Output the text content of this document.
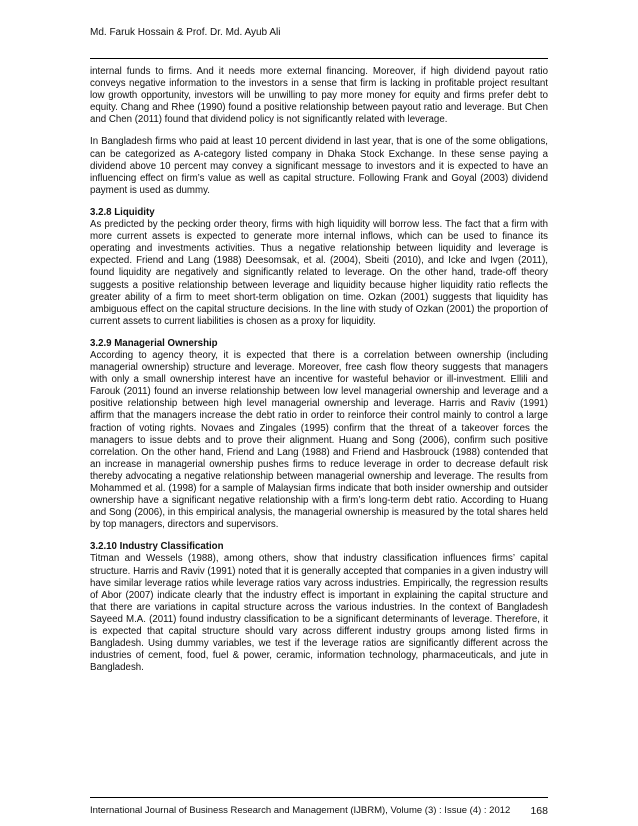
Md. Faruk Hossain & Prof. Dr. Md. Ayub Ali

internal funds to firms. And it needs more external financing. Moreover, if high dividend payout ratio conveys negative information to the investors in a sense that firm is lacking in profitable project resultant low growth opportunity, investors will be unwilling to pay more money for equity and firms prefer debt to equity. Chang and Rhee (1990) found a positive relationship between payout ratio and leverage. But Chen and Chen (2011) found that dividend policy is not significantly related with leverage.

In Bangladesh firms who paid at least 10 percent dividend in last year, that is one of the some obligations, can be categorized as A-category listed company in Dhaka Stock Exchange. In these sense paying a dividend above 10 percent may convey a significant message to investors and it is expected to have an influencing effect on firm’s value as well as capital structure. Following Frank and Goyal (2003) dividend payment is used as dummy.

3.2.8 Liquidity

As predicted by the pecking order theory, firms with high liquidity will borrow less. The fact that a firm with more current assets is expected to generate more internal inflows, which can be used to finance its operating and investments activities. Thus a negative relationship between liquidity and leverage is expected. Friend and Lang (1988) Deesomsak, et al. (2004), Sbeiti (2010), and Icke and Ivgen (2011), found liquidity are negatively and significantly related to leverage. On the other hand, trade-off theory suggests a positive relationship between leverage and liquidity because higher liquidity ratio reflects the greater ability of a firm to meet short-term obligation on time. Ozkan (2001) suggests that liquidity has ambiguous effect on the capital structure decisions. In the line with study of Ozkan (2001) the proportion of current assets to current liabilities is chosen as a proxy for liquidity.

3.2.9 Managerial Ownership

According to agency theory, it is expected that there is a correlation between ownership (including managerial ownership) structure and leverage. Moreover, free cash flow theory suggests that managers with only a small ownership interest have an incentive for wasteful behavior or ill-investment. Ellili and Farouk (2011) found an inverse relationship between low level managerial ownership and leverage and a positive relationship between high level managerial ownership and leverage. Harris and Raviv (1991) affirm that the managers increase the debt ratio in order to reinforce their control mainly to control a large fraction of voting rights. Novaes and Zingales (1995) confirm that the threat of a takeover forces the managers to issue debts and to prove their alignment. Huang and Song (2006), confirm such positive correlation. On the other hand, Friend and Lang (1988) and Friend and Hasbrouck (1988) contended that an increase in managerial ownership pushes firms to reduce leverage in order to decrease default risk thereby advocating a negative relationship between managerial ownership and leverage. The results from Mohammed et al. (1998) for a sample of Malaysian firms indicate that both insider ownership and outsider ownership have a significant negative relationship with a firm’s long-term debt ratio. According to Huang and Song (2006), in this empirical analysis, the managerial ownership is measured by the total shares held by top managers, directors and supervisors.

3.2.10 Industry Classification

Titman and Wessels (1988), among others, show that industry classification influences firms’ capital structure. Harris and Raviv (1991) noted that it is generally accepted that companies in a given industry will have similar leverage ratios while leverage ratios vary across industries. Empirically, the regression results of Abor (2007) indicate clearly that the industry effect is important in explaining the capital structure and that there are variations in capital structure across the various industries. In the context of Bangladesh Sayeed M.A. (2011) found industry classification to be a significant determinants of leverage. Therefore, it is expected that capital structure should vary across different industry groups among listed firms in Bangladesh. Using dummy variables, we test if the leverage ratios are significantly different across the industries of cement, food, fuel & power, ceramic, information technology, pharmaceuticals, and jute in Bangladesh.

International Journal of Business Research and Management (IJBRM), Volume (3) : Issue (4) : 2012 168
